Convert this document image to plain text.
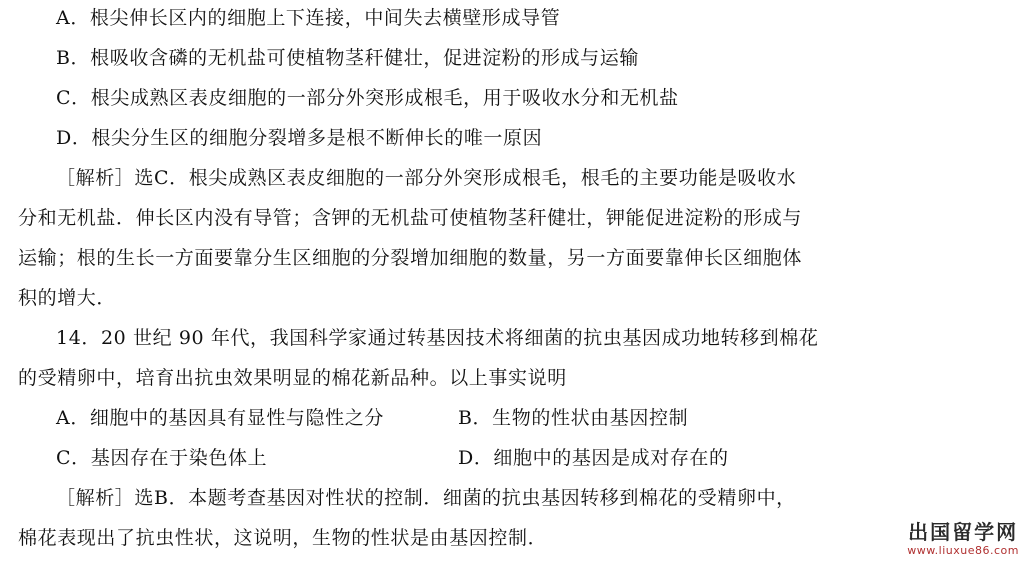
A．根尖伸长区内的细胞上下连接，中间失去横壁形成导管
B．根吸收含磷的无机盐可使植物茎秆健壮，促进淀粉的形成与运输
C．根尖成熟区表皮细胞的一部分外突形成根毛，用于吸收水分和无机盐
D．根尖分生区的细胞分裂增多是根不断伸长的唯一原因
［解析］选C．根尖成熟区表皮细胞的一部分外突形成根毛，根毛的主要功能是吸收水
分和无机盐．伸长区内没有导管；含钾的无机盐可使植物茎秆健壮，钾能促进淀粉的形成与
运输；根的生长一方面要靠分生区细胞的分裂增加细胞的数量，另一方面要靠伸长区细胞体
积的增大．
14．20 世纪 90 年代，我国科学家通过转基因技术将细菌的抗虫基因成功地转移到棉花
的受精卵中，培育出抗虫效果明显的棉花新品种。以上事实说明
A．细胞中的基因具有显性与隐性之分	B．生物的性状由基因控制
C．基因存在于染色体上	D．细胞中的基因是成对存在的
［解析］选B．本题考查基因对性状的控制．细菌的抗虫基因转移到棉花的受精卵中，
棉花表现出了抗虫性状，这说明，生物的性状是由基因控制．	出国留学网
www.liuxue86.com
